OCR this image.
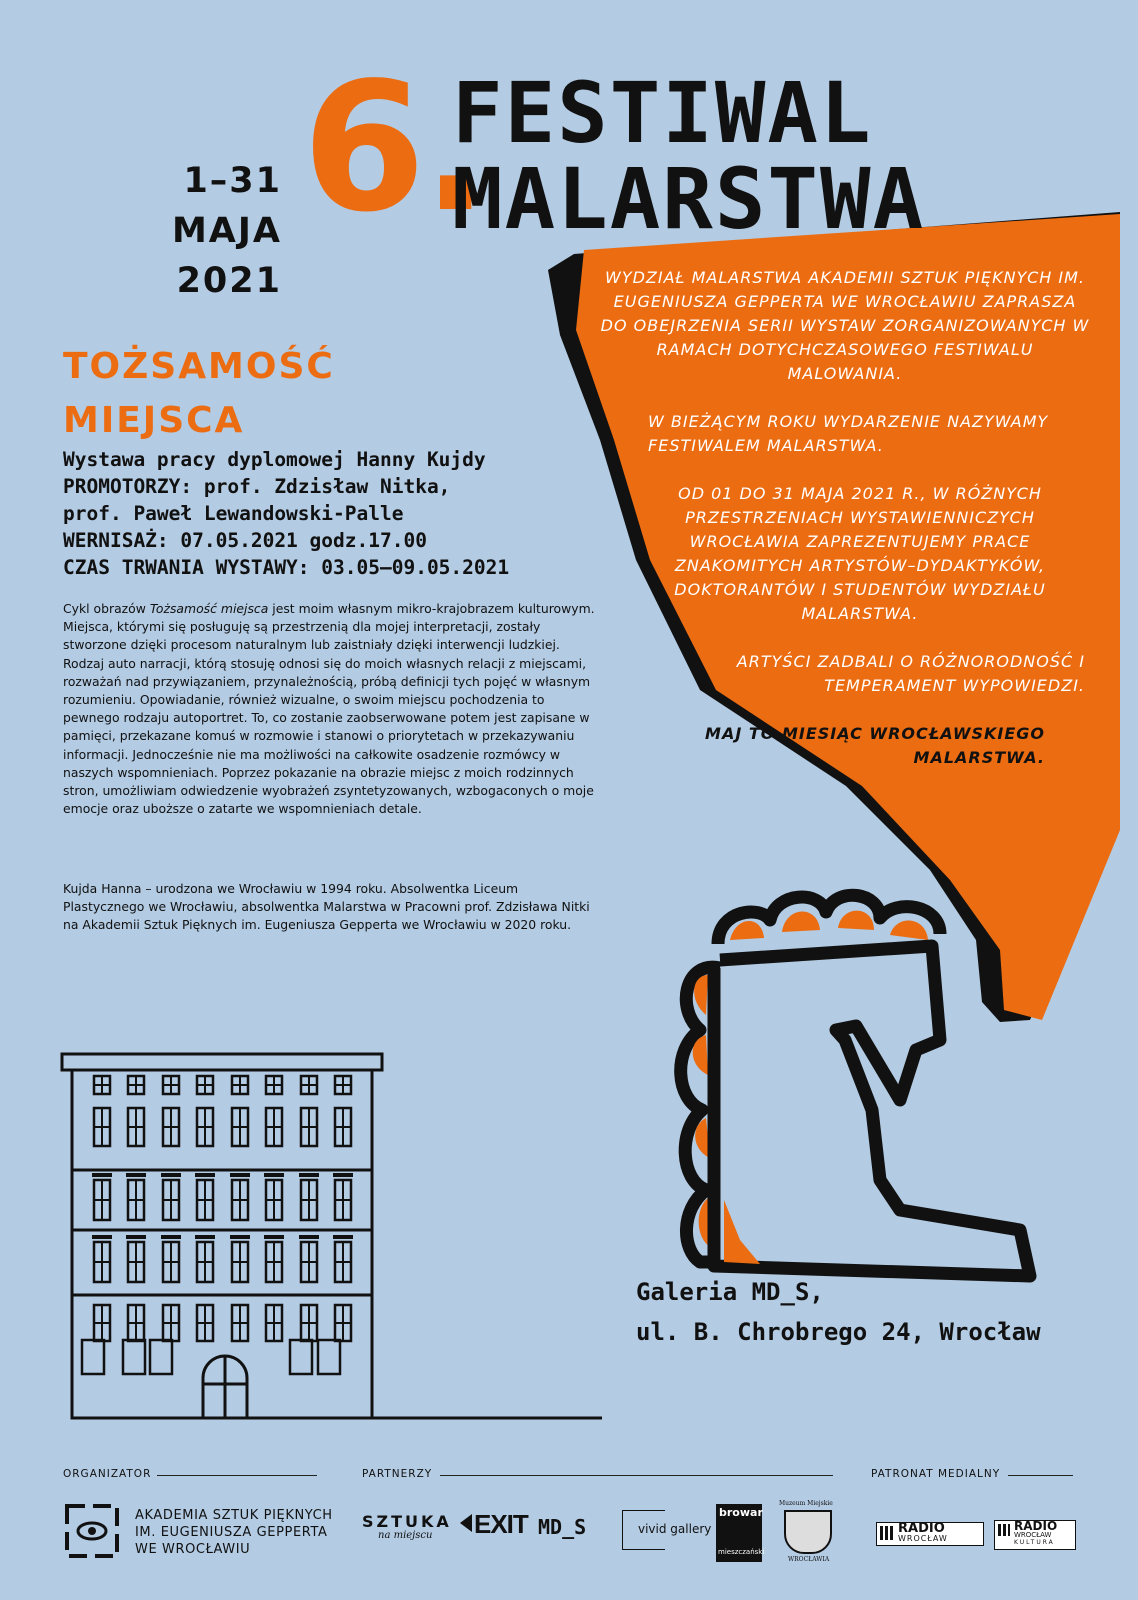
1–31 MAJA
2021
6.
FESTIWAL
MALARSTWA

WYDZIAŁ MALARSTWA AKADEMII SZTUK PIĘKNYCH IM. EUGENIUSZA GEPPERTA WE WROCŁAWIU ZAPRASZA DO OBEJRZENIA SERII WYSTAW ZORGANIZOWANYCH W RAMACH DOTYCHCZASOWEGO FESTIWALU MALOWANIA.

W BIEŻĄCYM ROKU WYDARZENIE NAZYWAMY FESTIWALEM MALARSTWA.

OD 01 DO 31 MAJA 2021 R., W RÓŻNYCH PRZESTRZENIACH WYSTAWIENNICZYCH WROCŁAWIA ZAPREZENTUJEMY PRACE ZNAKOMITYCH ARTYSTÓW–DYDAKTYKÓW, DOKTORANTÓW I STUDENTÓW WYDZIAŁU MALARSTWA.

ARTYŚCI ZADBALI O RÓŻNORODNOŚĆ I TEMPERAMENT WYPOWIEDZI.

MAJ TO MIESIĄC WROCŁAWSKIEGO MALARSTWA.

TOŻSAMOŚĆ
MIEJSCA
Wystawa pracy dyplomowej Hanny Kujdy
PROMOTORZY: prof. Zdzisław Nitka,
prof. Paweł Lewandowski-Palle
WERNISAŻ: 07.05.2021 godz.17.00
CZAS TRWANIA WYSTAWY: 03.05–09.05.2021
Cykl obrazów Tożsamość miejsca jest moim własnym mikro-krajobrazem kulturowym. Miejsca, którymi się posługuję są przestrzenią dla mojej interpretacji, zostały stworzone dzięki procesom naturalnym lub zaistniały dzięki interwencji ludzkiej. Rodzaj auto narracji, którą stosuję odnosi się do moich własnych relacji z miejscami, rozważań nad przywiązaniem, przynależnością, próbą definicji tych pojęć w własnym rozumieniu. Opowiadanie, również wizualne, o swoim miejscu pochodzenia to pewnego rodzaju autoportret. To, co zostanie zaobserwowane potem jest zapisane w pamięci, przekazane komuś w rozmowie i stanowi o priorytetach w przekazywaniu informacji. Jednocześnie nie ma możliwości na całkowite osadzenie rozmówcy w naszych wspomnieniach. Poprzez pokazanie na obrazie miejsc z moich rodzinnych stron, umożliwiam odwiedzenie wyobrażeń zsyntetyzowanych, wzbogaconych o moje emocje oraz uboższe o zatarte we wspomnieniach detale.
Kujda Hanna – urodzona we Wrocławiu w 1994 roku. Absolwentka Liceum Plastycznego we Wrocławiu, absolwentka Malarstwa w Pracowni prof. Zdzisława Nitki na Akademii Sztuk Pięknych im. Eugeniusza Gepperta we Wrocławiu w 2020 roku.
Galeria MD_S,
ul. B. Chrobrego 24, Wrocław
ORGANIZATOR	PARTNERZY	PATRONAT MEDIALNY
AKADEMIA SZTUK PIĘKNYCH
IM. EUGENIUSZA GEPPERTA
WE WROCŁAWIU
SZTUKA
na miejscu EXIT MD_S	vivid gallery
browar
mieszczański
Muzeum Miejskie
WROCŁAWIA
RADIO
WROCŁAW
RADIO
WROCŁAW
KULTURA
